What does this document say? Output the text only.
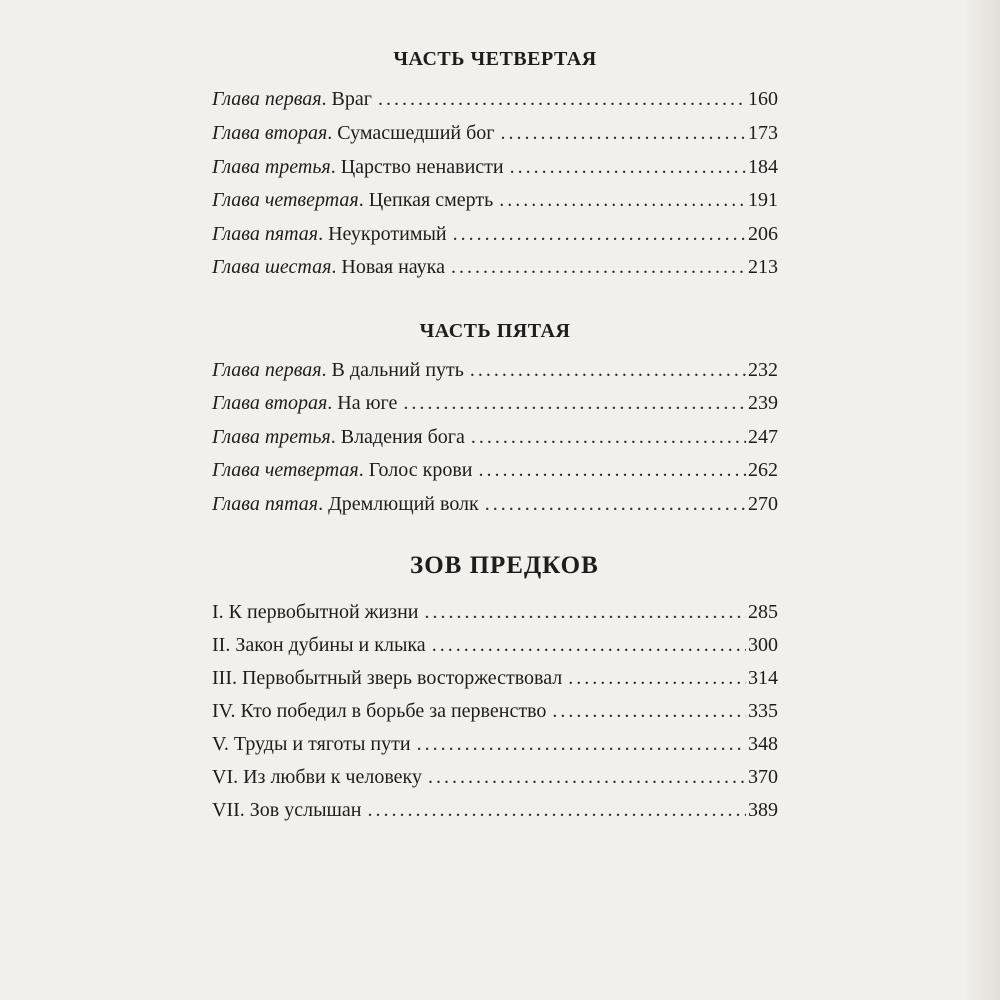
ЧАСТЬ ЧЕТВЕРТАЯ
Глава первая . Враг . . .	160
Глава вторая . Сумасшедший бог . . .	173
Глава третья . Царство ненависти . . .	184
Глава четвертая . Цепкая смерть . . .	191
Глава пятая . Неукротимый . . .	206
Глава шестая . Новая наука . . .	213
ЧАСТЬ ПЯТАЯ
Глава первая . В дальний путь . . .	232
Глава вторая . На юге . . .	239
Глава третья . Владения бога . . .	247
Глава четвертая . Голос крови . . .	262
Глава пятая . Дремлющий волк . . .	270
ЗОВ ПРЕДКОВ
I. К первобытной жизни . . .	285
II. Закон дубины и клыка . . .	300
III. Первобытный зверь восторжествовал . . .	314
IV. Кто победил в борьбе за первенство . . .	335
V. Труды и тяготы пути . . .	348
VI. Из любви к человеку . . .	370
VII. Зов услышан . . .	389
